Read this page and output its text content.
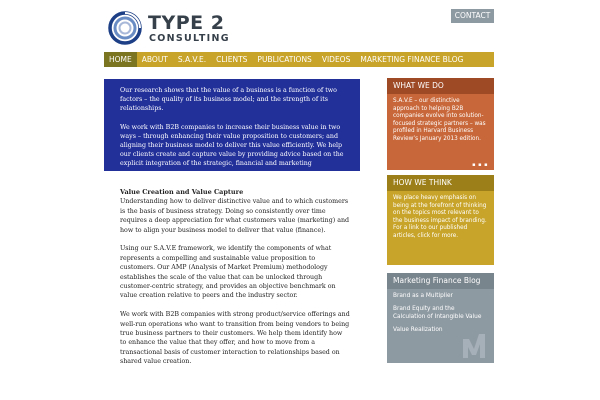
TYPE 2
CONSULTING
CONTACT
HOME	ABOUT	S.A.V.E.	CLIENTS	PUBLICATIONS	VIDEOS	MARKETING FINANCE BLOG

Our research shows that the value of a business is a function of two factors – the quality of its business model; and the strength of its relationships.

We work with B2B companies to increase their business value in two ways – through enhancing their value proposition to customers; and aligning their business model to deliver this value efficiently. We help our clients create and capture value by providing advice based on the explicit integration of the strategic, financial and marketing

Value Creation and Value Capture

Understanding how to deliver distinctive value and to which customers is the basis of business strategy. Doing so consistently over time requires a deep appreciation for what customers value (marketing) and how to align your business model to deliver that value (finance).

Using our S.A.V.E framework, we identify the components of what represents a compelling and sustainable value proposition to customers. Our AMP (Analysis of Market Premium) methodology establishes the scale of the value that can be unlocked through customer-centric strategy, and provides an objective benchmark on value creation relative to peers and the industry sector.

We work with B2B companies with strong product/service offerings and well-run operations who want to transition from being vendors to being true business partners to their customers. We help them identify how to enhance the value that they offer, and how to move from a transactional basis of customer interaction to relationships based on shared value creation.

WHAT WE DO
S.A.V.E – our distinctive approach to helping B2B companies evolve into solution-focused strategic partners – was profiled in Harvard Business Review’s January 2013 edition.
▪ ▪ ▪
HOW WE THINK
We place heavy emphasis on being at the forefront of thinking on the topics most relevant to the business impact of branding. For a link to our published articles, click for more.
Marketing Finance Blog
Brand as a Multiplier
Brand Equity and the Calculation of Intangible Value
Value Realization
